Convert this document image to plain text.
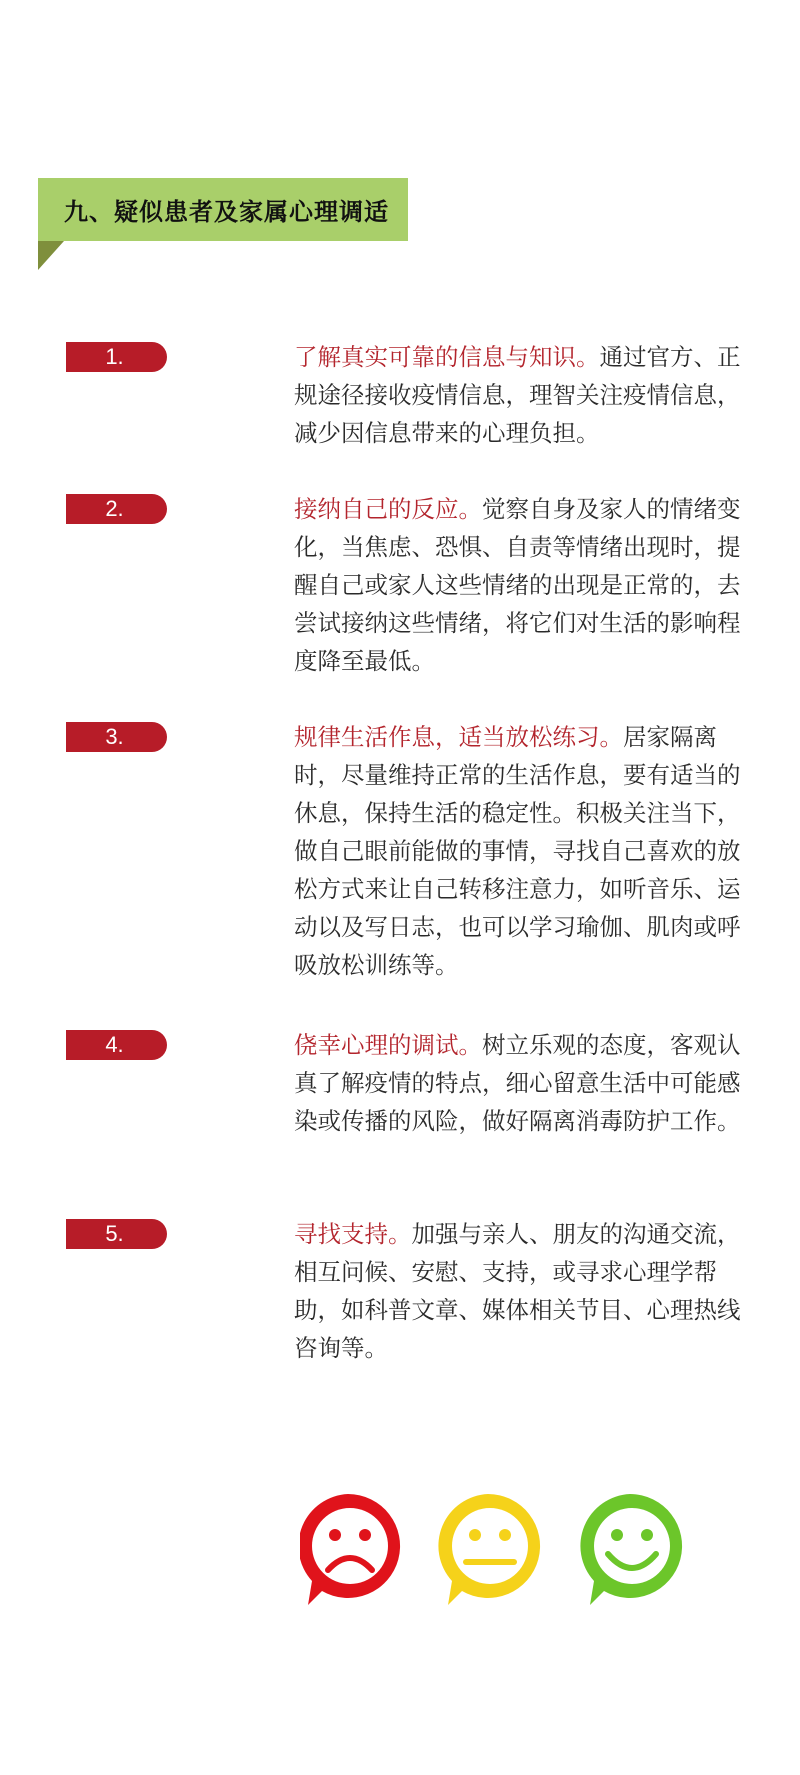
九、疑似患者及家属心理调适
1.	了解真实可靠的信息与知识。通过官方、正规途径接收疫情信息，理智关注疫情信息，减少因信息带来的心理负担。
2.	接纳自己的反应。觉察自身及家人的情绪变化，当焦虑、恐惧、自责等情绪出现时，提醒自己或家人这些情绪的出现是正常的，去尝试接纳这些情绪，将它们对生活的影响程度降至最低。
3.	规律生活作息，适当放松练习。居家隔离时，尽量维持正常的生活作息，要有适当的休息，保持生活的稳定性。积极关注当下，做自己眼前能做的事情，寻找自己喜欢的放松方式来让自己转移注意力，如听音乐、运动以及写日志，也可以学习瑜伽、肌肉或呼吸放松训练等。
4.	侥幸心理的调试。树立乐观的态度，客观认真了解疫情的特点，细心留意生活中可能感染或传播的风险，做好隔离消毒防护工作。
5.	寻找支持。加强与亲人、朋友的沟通交流，相互问候、安慰、支持，或寻求心理学帮助，如科普文章、媒体相关节目、心理热线咨询等。
